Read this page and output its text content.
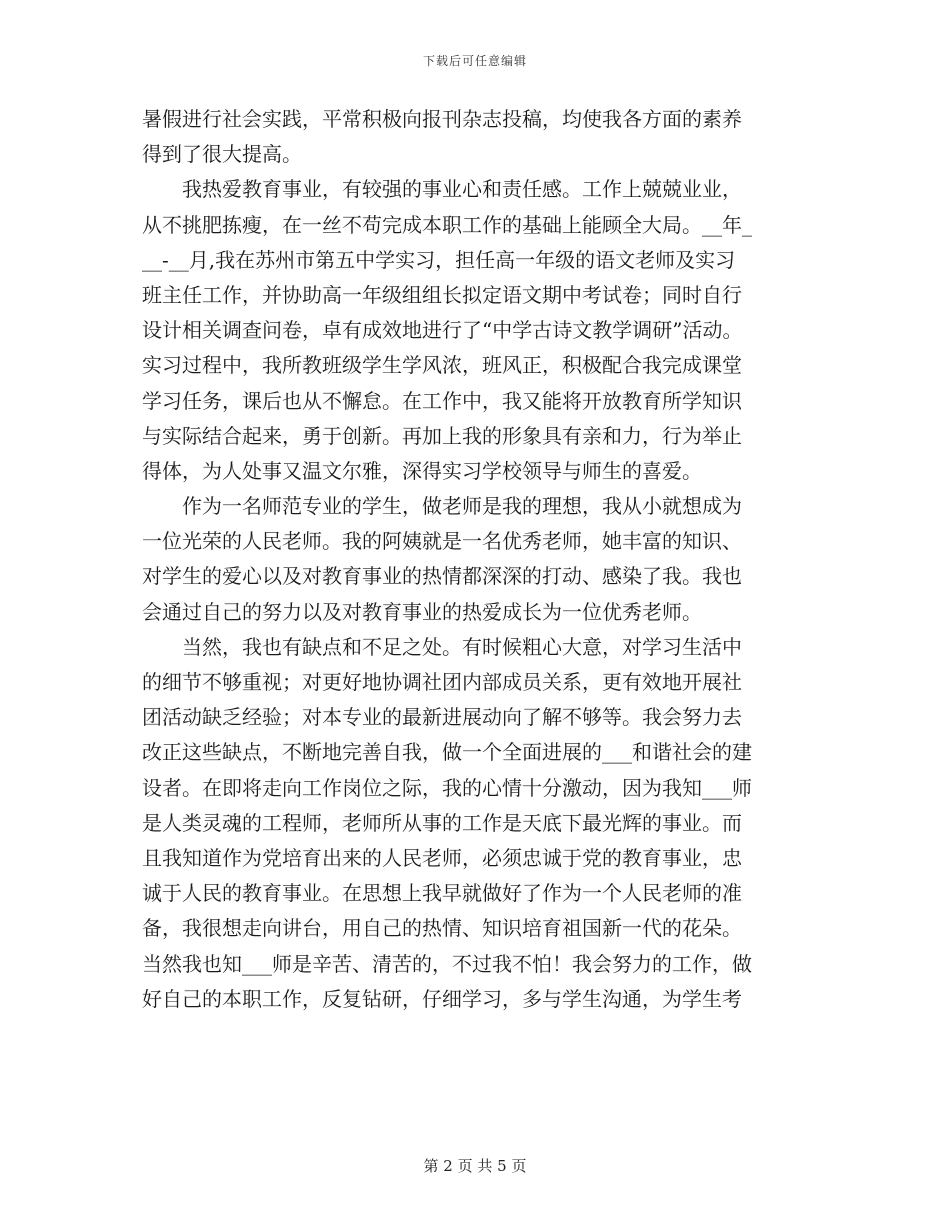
下载后可任意编辑
暑假进行社会实践，平常积极向报刊杂志投稿，均使我各方面的素养
得到了很大提高。
　　我热爱教育事业，有较强的事业心和责任感。工作上兢兢业业，
从不挑肥拣瘦，在一丝不苟完成本职工作的基础上能顾全大局。__年_
__-__月,我在苏州市第五中学实习，担任高一年级的语文老师及实习
班主任工作，并协助高一年级组组长拟定语文期中考试卷；同时自行
设计相关调查问卷，卓有成效地进行了“中学古诗文教学调研”活动。
实习过程中，我所教班级学生学风浓，班风正，积极配合我完成课堂
学习任务，课后也从不懈怠。在工作中，我又能将开放教育所学知识
与实际结合起来，勇于创新。再加上我的形象具有亲和力，行为举止
得体，为人处事又温文尔雅，深得实习学校领导与师生的喜爱。
　　作为一名师范专业的学生，做老师是我的理想，我从小就想成为
一位光荣的人民老师。我的阿姨就是一名优秀老师，她丰富的知识、
对学生的爱心以及对教育事业的热情都深深的打动、感染了我。我也
会通过自己的努力以及对教育事业的热爱成长为一位优秀老师。
　　当然，我也有缺点和不足之处。有时候粗心大意，对学习生活中
的细节不够重视；对更好地协调社团内部成员关系，更有效地开展社
团活动缺乏经验；对本专业的最新进展动向了解不够等。我会努力去
改正这些缺点，不断地完善自我，做一个全面进展的___和谐社会的建
设者。在即将走向工作岗位之际，我的心情十分激动，因为我知___师
是人类灵魂的工程师，老师所从事的工作是天底下最光辉的事业。而
且我知道作为党培育出来的人民老师，必须忠诚于党的教育事业，忠
诚于人民的教育事业。在思想上我早就做好了作为一个人民老师的准
备，我很想走向讲台，用自己的热情、知识培育祖国新一代的花朵。
当然我也知___师是辛苦、清苦的，不过我不怕！我会努力的工作，做
好自己的本职工作，反复钻研，仔细学习，多与学生沟通，为学生考
第 2 页 共 5 页
